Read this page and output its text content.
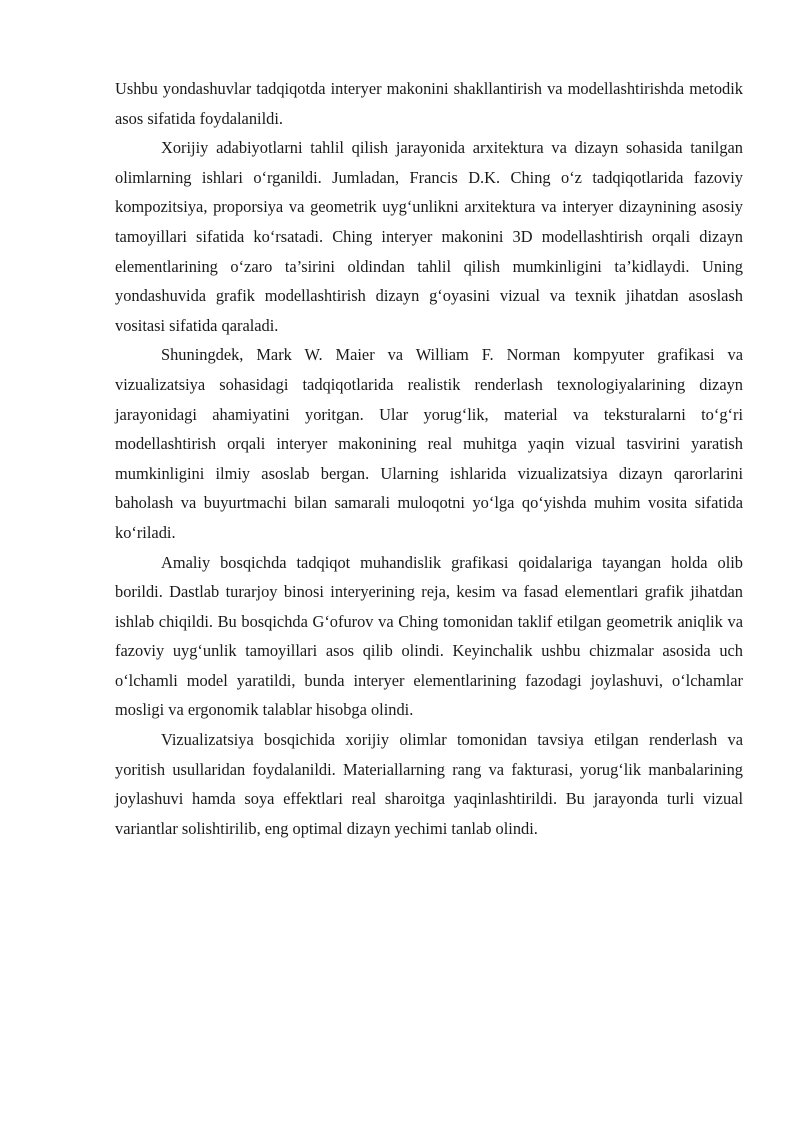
Ushbu yondashuvlar tadqiqotda interyer makonini shakllantirish va modellashtirishda metodik asos sifatida foydalanildi.

Xorijiy adabiyotlarni tahlil qilish jarayonida arxitektura va dizayn sohasida tanilgan olimlarning ishlari o‘rganildi. Jumladan, Francis D.K. Ching o‘z tadqiqotlarida fazoviy kompozitsiya, proporsiya va geometrik uyg‘unlikni arxitektura va interyer dizaynining asosiy tamoyillari sifatida ko‘rsatadi. Ching interyer makonini 3D modellashtirish orqali dizayn elementlarining o‘zaro ta’sirini oldindan tahlil qilish mumkinligini ta’kidlaydi. Uning yondashuvida grafik modellashtirish dizayn g‘oyasini vizual va texnik jihatdan asoslash vositasi sifatida qaraladi.

Shuningdek, Mark W. Maier va William F. Norman kompyuter grafikasi va vizualizatsiya sohasidagi tadqiqotlarida realistik renderlash texnologiyalarining dizayn jarayonidagi ahamiyatini yoritgan. Ular yorug‘lik, material va teksturalarni to‘g‘ri modellashtirish orqali interyer makonining real muhitga yaqin vizual tasvirini yaratish mumkinligini ilmiy asoslab bergan. Ularning ishlarida vizualizatsiya dizayn qarorlarini baholash va buyurtmachi bilan samarali muloqotni yo‘lga qo‘yishda muhim vosita sifatida ko‘riladi.

Amaliy bosqichda tadqiqot muhandislik grafikasi qoidalariga tayangan holda olib borildi. Dastlab turarjoy binosi interyerining reja, kesim va fasad elementlari grafik jihatdan ishlab chiqildi. Bu bosqichda G‘ofurov va Ching tomonidan taklif etilgan geometrik aniqlik va fazoviy uyg‘unlik tamoyillari asos qilib olindi. Keyinchalik ushbu chizmalar asosida uch o‘lchamli model yaratildi, bunda interyer elementlarining fazodagi joylashuvi, o‘lchamlar mosligi va ergonomik talablar hisobga olindi.

Vizualizatsiya bosqichida xorijiy olimlar tomonidan tavsiya etilgan renderlash va yoritish usullaridan foydalanildi. Materiallarning rang va fakturasi, yorug‘lik manbalarining joylashuvi hamda soya effektlari real sharoitga yaqinlashtirildi. Bu jarayonda turli vizual variantlar solishtirilib, eng optimal dizayn yechimi tanlab olindi.
